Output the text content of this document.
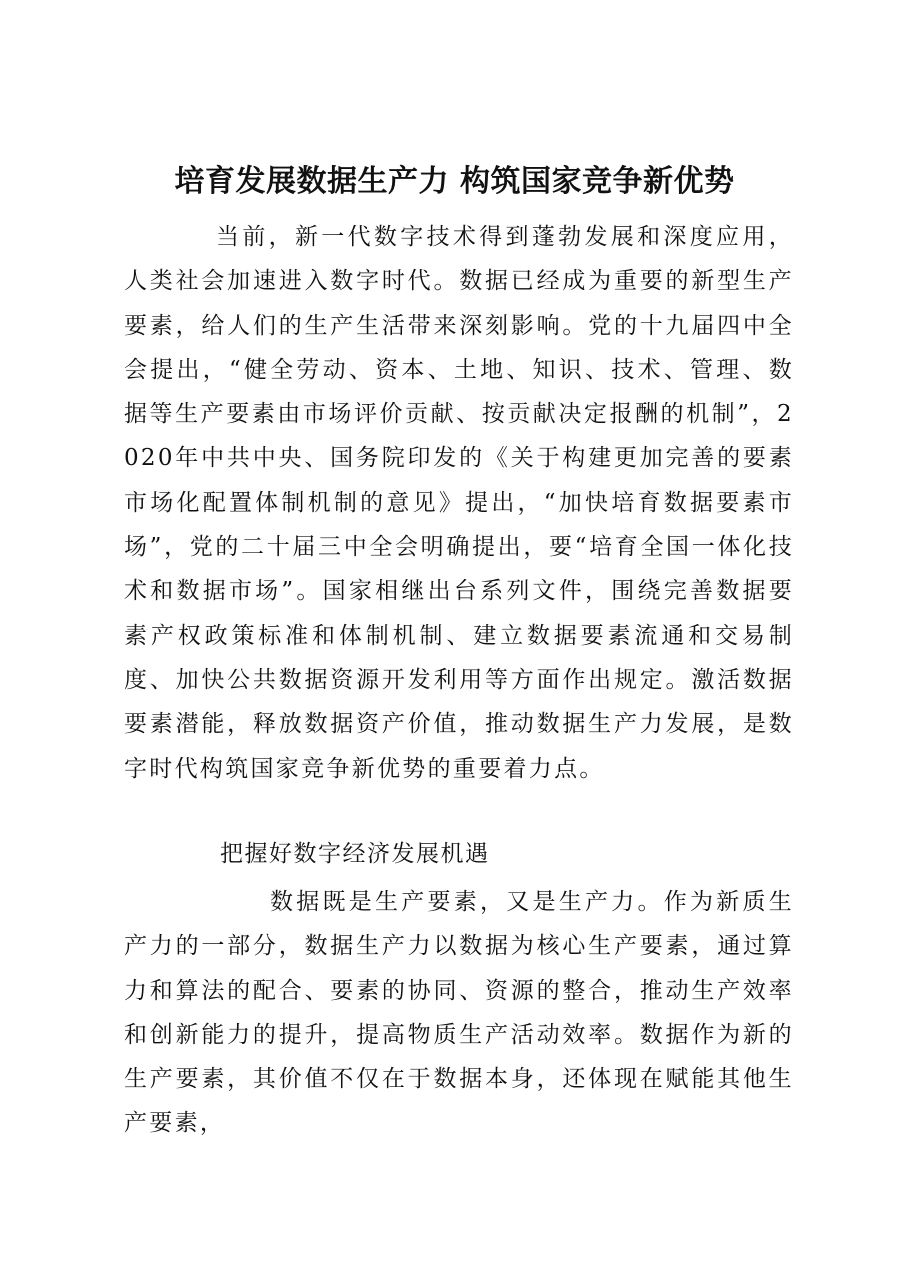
培育发展数据生产力 构筑国家竞争新优势

当前，新一代数字技术得到蓬勃发展和深度应用，人类社会加速进入数字时代。数据已经成为重要的新型生产要素，给人们的生产生活带来深刻影响。党的十九届四中全会提出，“健全劳动、资本、土地、知识、技术、管理、数据等生产要素由市场评价贡献、按贡献决定报酬的机制”，2020年中共中央、国务院印发的《关于构建更加完善的要素市场化配置体制机制的意见》提出，“加快培育数据要素市场”，党的二十届三中全会明确提出，要“培育全国一体化技术和数据市场”。国家相继出台系列文件，围绕完善数据要素产权政策标准和体制机制、建立数据要素流通和交易制度、加快公共数据资源开发利用等方面作出规定。激活数据要素潜能，释放数据资产价值，推动数据生产力发展，是数字时代构筑国家竞争新优势的重要着力点。

把握好数字经济发展机遇

数据既是生产要素，又是生产力。作为新质生产力的一部分，数据生产力以数据为核心生产要素，通过算力和算法的配合、要素的协同、资源的整合，推动生产效率和创新能力的提升，提高物质生产活动效率。数据作为新的生产要素，其价值不仅在于数据本身，还体现在赋能其他生产要素，
